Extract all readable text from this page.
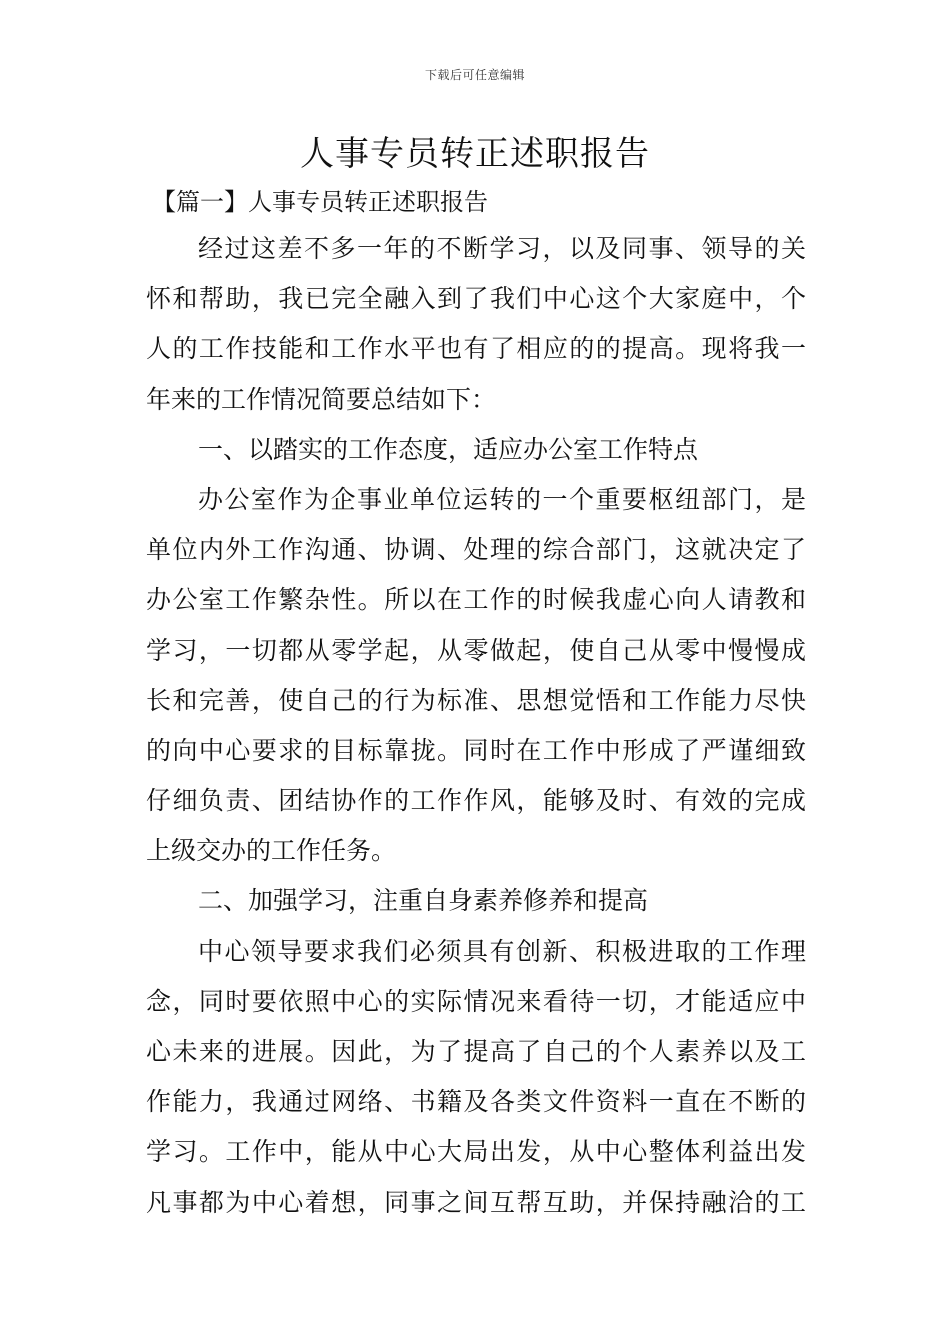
下载后可任意编辑
人事专员转正述职报告
【篇一】人事专员转正述职报告
经过这差不多一年的不断学习，以及同事、领导的关
怀和帮助，我已完全融入到了我们中心这个大家庭中，个
人的工作技能和工作水平也有了相应的的提高。现将我一
年来的工作情况简要总结如下：
一、以踏实的工作态度，适应办公室工作特点
办公室作为企事业单位运转的一个重要枢纽部门，是
单位内外工作沟通、协调、处理的综合部门，这就决定了
办公室工作繁杂性。所以在工作的时候我虚心向人请教和
学习，一切都从零学起，从零做起，使自己从零中慢慢成
长和完善，使自己的行为标准、思想觉悟和工作能力尽快
的向中心要求的目标靠拢。同时在工作中形成了严谨细致
仔细负责、团结协作的工作作风，能够及时、有效的完成
上级交办的工作任务。
二、加强学习，注重自身素养修养和提高
中心领导要求我们必须具有创新、积极进取的工作理
念，同时要依照中心的实际情况来看待一切，才能适应中
心未来的进展。因此，为了提高了自己的个人素养以及工
作能力，我通过网络、书籍及各类文件资料一直在不断的
学习。工作中，能从中心大局出发，从中心整体利益出发
凡事都为中心着想，同事之间互帮互助，并保持融洽的工
